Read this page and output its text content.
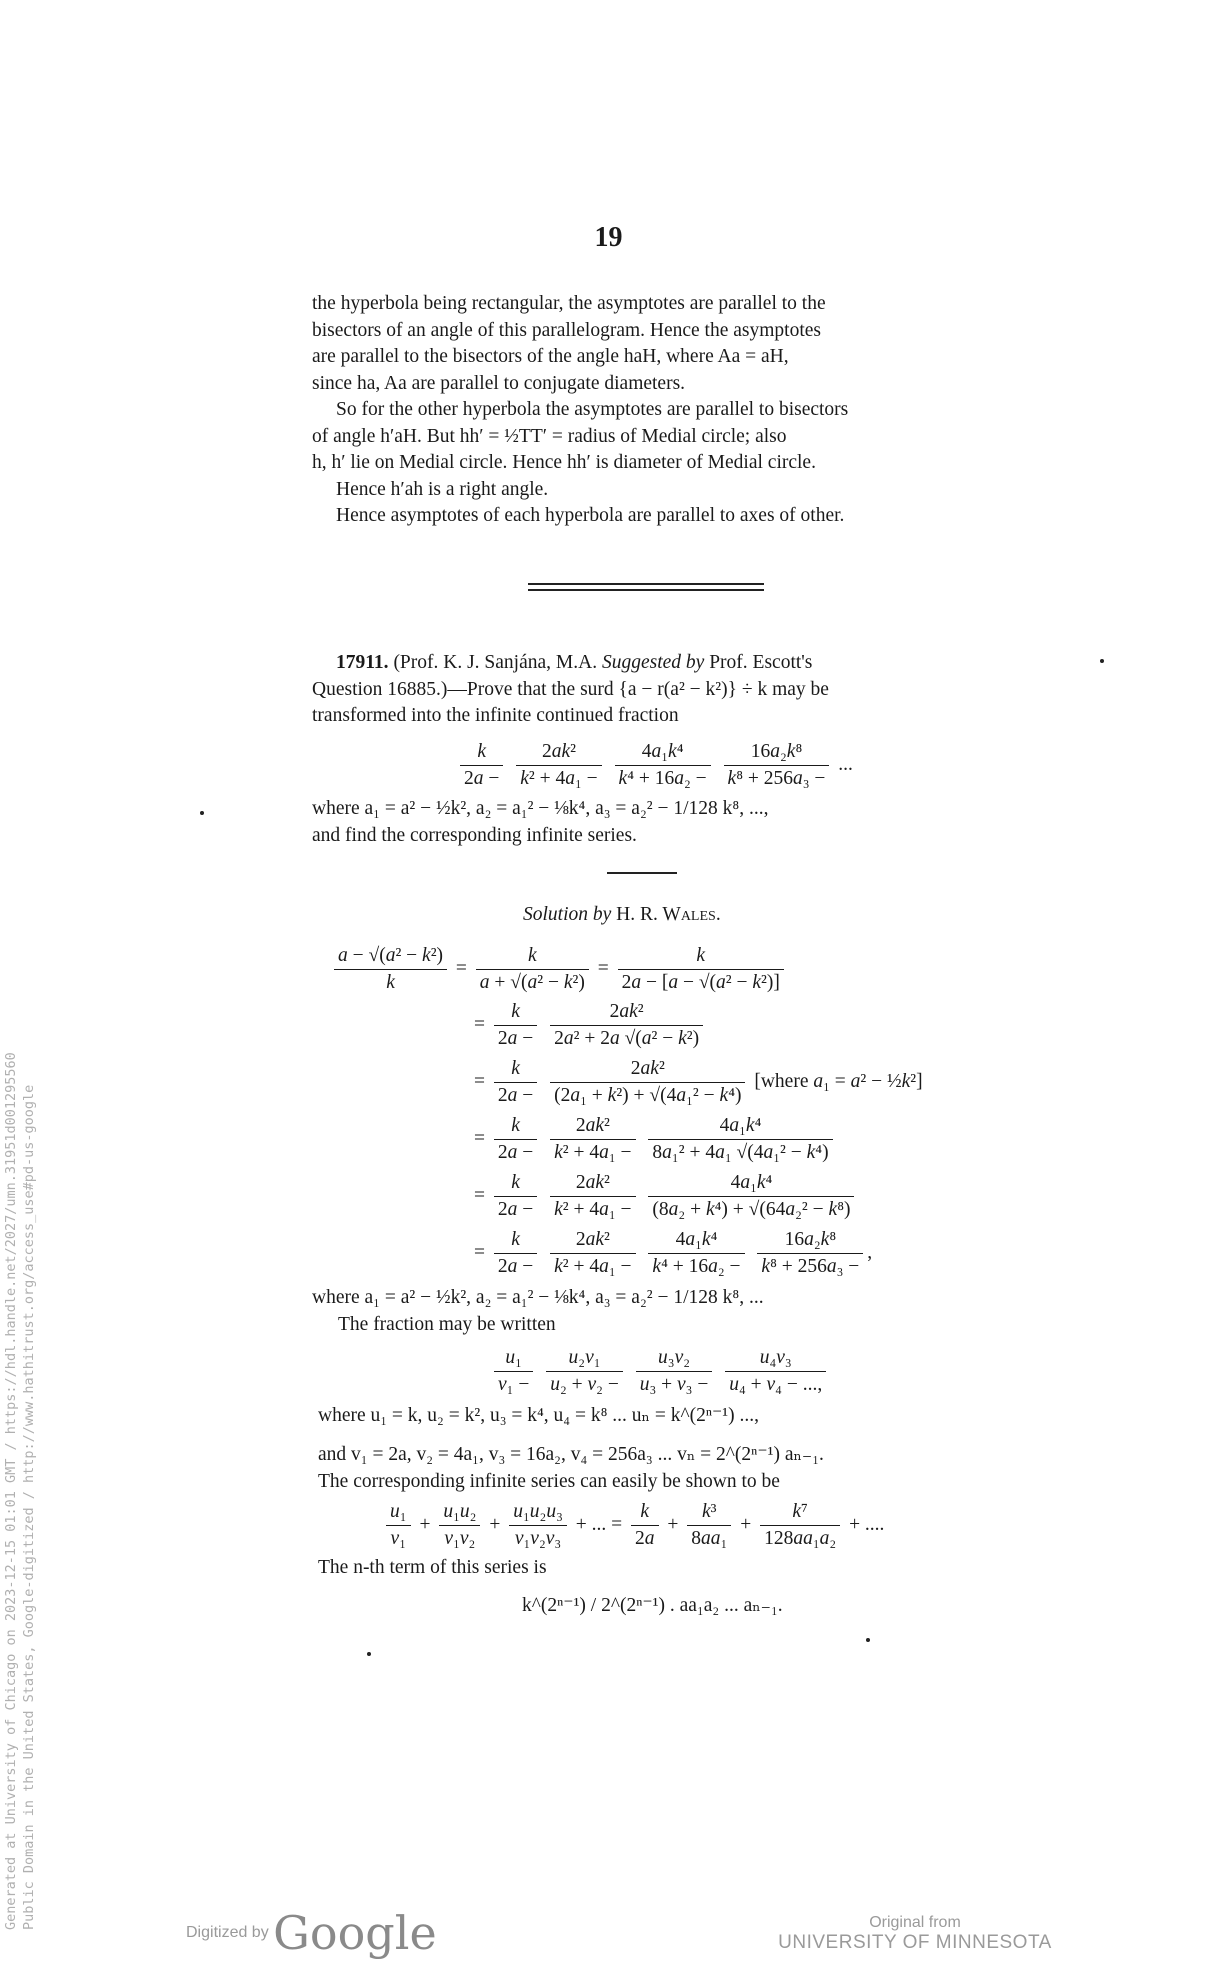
19

the hyperbola being rectangular, the asymptotes are parallel to the

bisectors of an angle of this parallelogram. Hence the asymptotes

are parallel to the bisectors of the angle haH, where Aa = aH,

since ha, Aa are parallel to conjugate diameters.

So for the other hyperbola the asymptotes are parallel to bisectors

of angle h′aH. But hh′ = ½TT′ = radius of Medial circle; also

h, h′ lie on Medial circle. Hence hh′ is diameter of Medial circle.

Hence h′ah is a right angle.

Hence asymptotes of each hyperbola are parallel to axes of other.

17911. (Prof. K. J. Sanjána, M.A. Suggested by Prof. Escott's

Question 16885.)—Prove that the surd {a − r(a² − k²)} ÷ k may be

transformed into the infinite continued fraction

$\frac{k}{2a -}$
$\frac{\text{2ak²}}{\text{k² + 4a₁ −}}$
$\frac{\text{4a₁k⁴}}{\text{k⁴ + 16a₂ −}}$
$\frac{\text{16a₂k⁸}}{\text{k⁸ + 256a₃ −}}$ ...
where a₁ = a² − ½k², a₂ = a₁² − ⅛k⁴, a₃ = a₂² − 1/128 k⁸, ...,
and find the corresponding infinite series.
Solution by H. R. Wales.
$\frac{\text{a − √(a² − k²)}}{k} = \frac{k}{\text{a + √(a² − k²)}} = \frac{k}{\text{2a − [a − √(a² − k²)]}}$
= $\frac{k}{2a -}$
$\frac{\text{2ak²}}{\text{2a² + 2a √(a² − k²)}}$
= $\frac{k}{2a -}$
$\frac{\text{2ak²}}{\text{(2a₁ + k²) + √(4a₁² − k⁴)}}$ [where a₁ = a² − ½k²]
= $\frac{k}{2a -}$
$\frac{\text{2ak²}}{\text{k² + 4a₁ −}}$
$\frac{\text{4a₁k⁴}}{\text{8a₁² + 4a₁ √(4a₁² − k⁴)}}$
= $\frac{k}{2a -}$
$\frac{\text{2ak²}}{\text{k² + 4a₁ −}}$
$\frac{\text{4a₁k⁴}}{\text{(8a₂ + k⁴) + √(64a₂² − k⁸)}}$
= $\frac{k}{2a -}$
$\frac{\text{2ak²}}{\text{k² + 4a₁ −}}$
$\frac{\text{4a₁k⁴}}{\text{k⁴ + 16a₂ −}}$
$\frac{\text{16a₂k⁸}}{\text{k⁸ + 256a₃ −}}$ ,
where a₁ = a² − ½k², a₂ = a₁² − ⅛k⁴, a₃ = a₂² − 1/128 k⁸, ...
The fraction may be written
$\frac{\text{u₁}}{\text{v₁ −}}$
$\frac{\text{u₂v₁}}{\text{u₂ + v₂ −}}$
$\frac{\text{u₃v₂}}{\text{u₃ + v₃ −}}$
$\frac{\text{u₄v₃}}{\text{u₄ + v₄ − ...,}}$
where u₁ = k, u₂ = k², u₃ = k⁴, u₄ = k⁸ ... uₙ = k^(2ⁿ⁻¹) ...,
and v₁ = 2a, v₂ = 4a₁, v₃ = 16a₂, v₄ = 256a₃ ... vₙ = 2^(2ⁿ⁻¹) aₙ₋₁.
The corresponding infinite series can easily be shown to be
$\frac{\text{u₁}}{\text{v₁}} + \frac{\text{u₁u₂}}{\text{v₁v₂}} + \frac{\text{u₁u₂u₃}}{\text{v₁v₂v₃}}$ + ... = $\frac{k}{2a} + \frac{\text{k³}}{\text{8aa₁}} + \frac{\text{k⁷}}{\text{128aa₁a₂}}$ + ....
The n-th term of this series is
k^(2ⁿ⁻¹) / 2^(2ⁿ⁻¹) . aa₁a₂ ... aₙ₋₁.
Generated at University of Chicago on 2023-12-15 01:01 GMT / https://hdl.handle.net/2027/umn.31951d001295560 Public Domain in the United States, Google-digitized / http://www.hathitrust.org/access_use#pd-us-google
Digitized by Google	Original from
UNIVERSITY OF MINNESOTA
